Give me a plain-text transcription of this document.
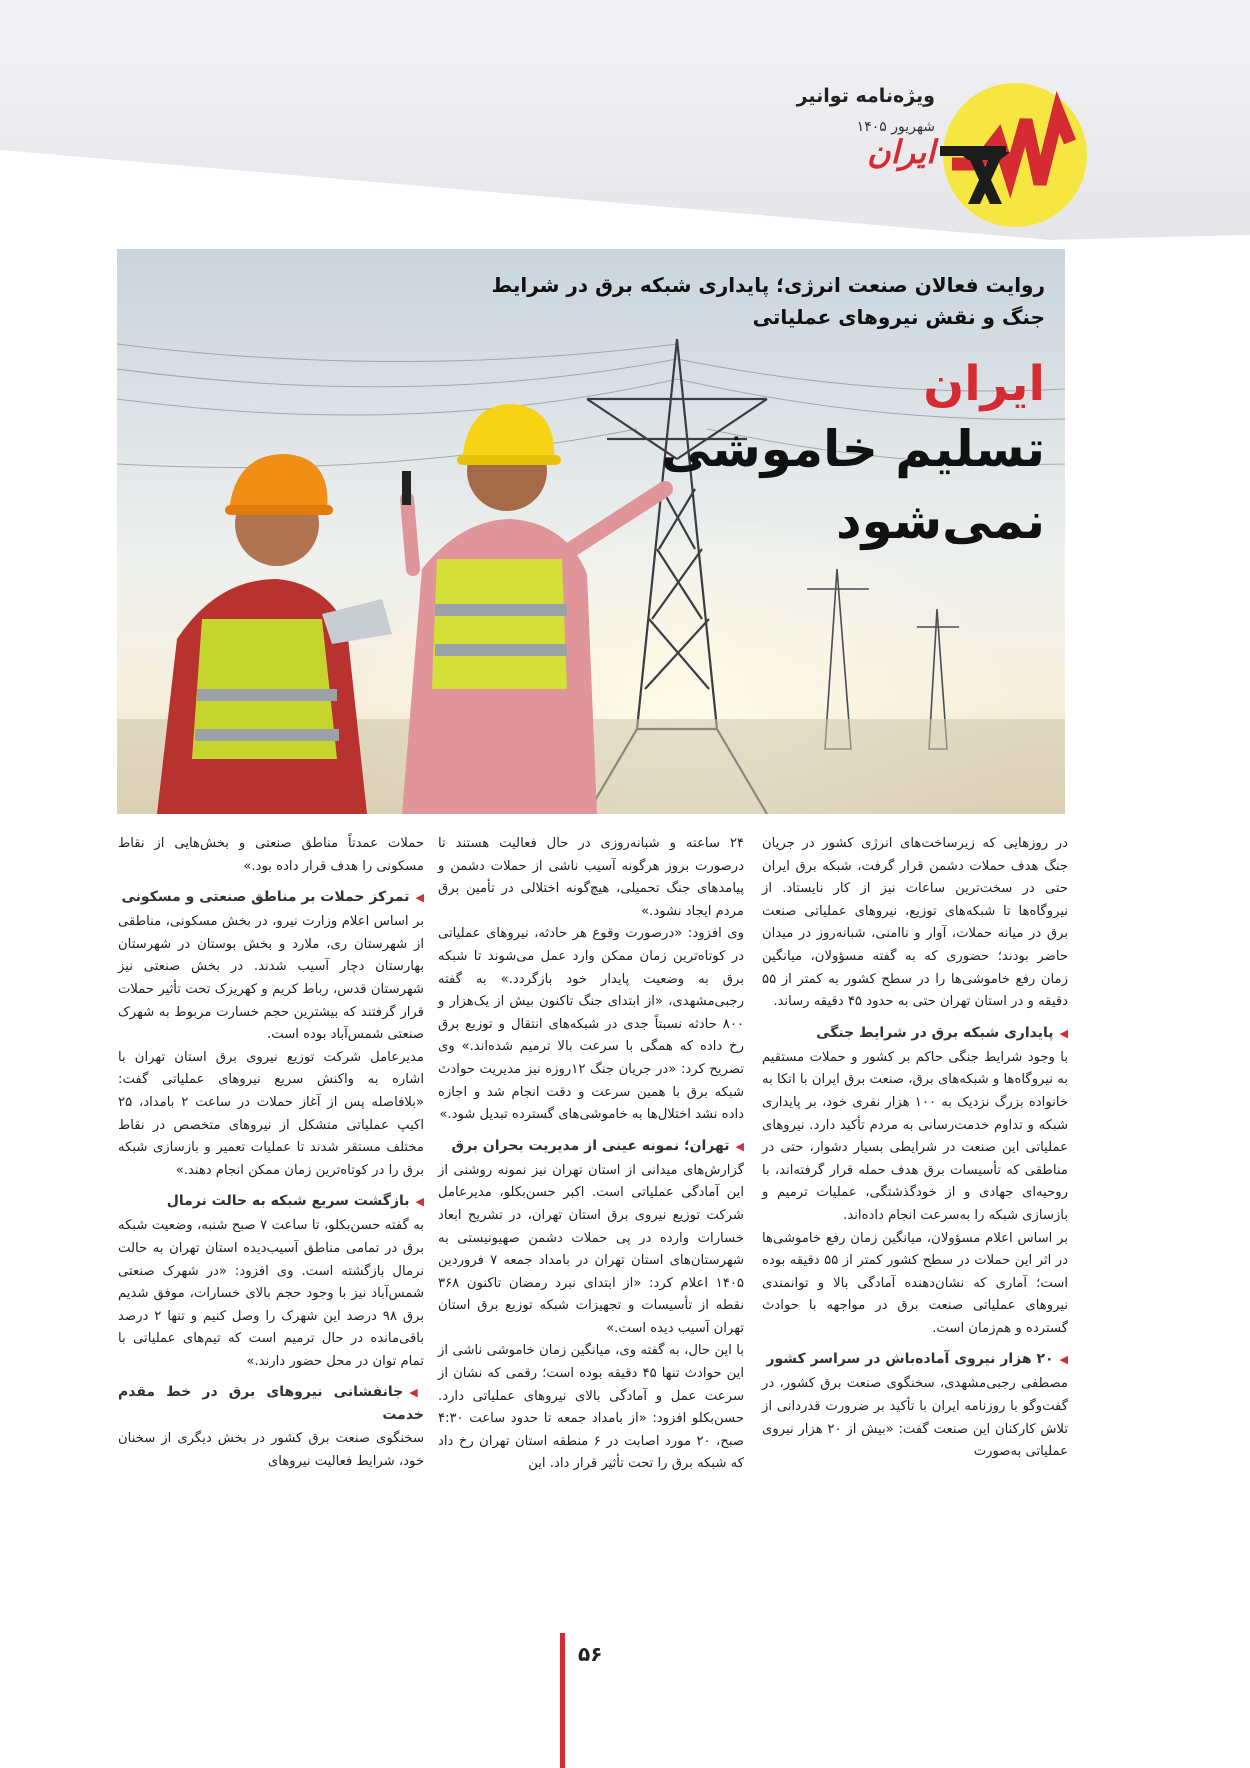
ویژه‌نامه توانیر
شهریور ۱۴۰۵
ایران
روایت فعالان صنعت انرژی؛ پایداری شبکه برق در شرایط
جنگ و نقش نیروهای عملیاتی
ایران
تسلیم خاموشی
نمی‌شود

در روزهایی که زیرساخت‌های انرژی کشور در جریان جنگ هدف حملات دشمن قرار گرفت، شبکه برق ایران حتی در سخت‌ترین ساعات نیز از کار نایستاد. از نیروگاه‌ها تا شبکه‌های توزیع، نیروهای عملیاتی صنعت برق در میانه حملات، آوار و ناامنی، شبانه‌روز در میدان حاضر بودند؛ حضوری که به گفته مسؤولان، میانگین زمان رفع خاموشی‌ها را در سطح کشور به کمتر از ۵۵ دقیقه و در استان تهران حتی به حدود ۴۵ دقیقه رساند.

◀پایداری شبکه برق در شرایط جنگی

با وجود شرایط جنگی حاکم بر کشور و حملات مستقیم به نیروگاه‌ها و شبکه‌های برق، صنعت برق ایران با اتکا به خانواده بزرگ نزدیک به ۱۰۰ هزار نفری خود، بر پایداری شبکه و تداوم خدمت‌رسانی به مردم تأکید دارد. نیروهای عملیاتی این صنعت در شرایطی بسیار دشوار، حتی در مناطقی که تأسیسات برق هدف حمله قرار گرفته‌اند، با روحیه‌ای جهادی و از خودگذشتگی، عملیات ترمیم و بازسازی شبکه را به‌سرعت انجام داده‌اند.

بر اساس اعلام مسؤولان، میانگین زمان رفع خاموشی‌ها در اثر این حملات در سطح کشور کمتر از ۵۵ دقیقه بوده است؛ آماری که نشان‌دهنده آمادگی بالا و توانمندی نیروهای عملیاتی صنعت برق در مواجهه با حوادث گسترده و هم‌زمان است.

◀۲۰ هزار نیروی آماده‌باش در سراسر کشور

مصطفی رجبی‌مشهدی، سخنگوی صنعت برق کشور، در گفت‌وگو با روزنامه ایران با تأکید بر ضرورت قدردانی از تلاش کارکنان این صنعت گفت: «بیش از ۲۰ هزار نیروی عملیاتی به‌صورت

۲۴ ساعته و شبانه‌روزی در حال فعالیت هستند تا درصورت بروز هرگونه آسیب ناشی از حملات دشمن و پیامدهای جنگ تحمیلی، هیچ‌گونه اختلالی در تأمین برق مردم ایجاد نشود.»

وی افزود: «درصورت وقوع هر حادثه، نیروهای عملیاتی در کوتاه‌ترین زمان ممکن وارد عمل می‌شوند تا شبکه برق به وضعیت پایدار خود بازگردد.» به گفته رجبی‌مشهدی، «از ابتدای جنگ تاکنون بیش از یک‌هزار و ۸۰۰ حادثه نسبتاً جدی در شبکه‌های انتقال و توزیع برق رخ داده که همگی با سرعت بالا ترمیم شده‌اند.» وی تصریح کرد: «در جریان جنگ ۱۲روزه نیز مدیریت حوادث شبکه برق با همین سرعت و دقت انجام شد و اجازه داده نشد اختلال‌ها به خاموشی‌های گسترده تبدیل شود.»

◀تهران؛ نمونه عینی از مدیریت بحران برق

گزارش‌های میدانی از استان تهران نیز نمونه روشنی از این آمادگی عملیاتی است. اکبر حسن‌بکلو، مدیرعامل شرکت توزیع نیروی برق استان تهران، در تشریح ابعاد خسارات وارده در پی حملات دشمن صهیونیستی به شهرستان‌های استان تهران در بامداد جمعه ۷ فروردین ۱۴۰۵ اعلام کرد: «از ابتدای نبرد رمضان تاکنون ۳۶۸ نقطه از تأسیسات و تجهیزات شبکه توزیع برق استان تهران آسیب دیده است.»

با این حال، به گفته وی، میانگین زمان خاموشی ناشی از این حوادث تنها ۴۵ دقیقه بوده است؛ رقمی که نشان از سرعت عمل و آمادگی بالای نیروهای عملیاتی دارد. حسن‌بکلو افزود: «از بامداد جمعه تا حدود ساعت ۴:۳۰ صبح، ۲۰ مورد اصابت در ۶ منطقه استان تهران رخ داد که شبکه برق را تحت تأثیر قرار داد. این

حملات عمدتاً مناطق صنعتی و بخش‌هایی از نقاط مسکونی را هدف قرار داده بود.»

◀تمرکز حملات بر مناطق صنعتی و مسکونی

بر اساس اعلام وزارت نیرو، در بخش مسکونی، مناطقی از شهرستان ری، ملارد و بخش بوستان در شهرستان بهارستان دچار آسیب شدند. در بخش صنعتی نیز شهرستان قدس، رباط کریم و کهریزک تحت تأثیر حملات قرار گرفتند که بیشترین حجم خسارت مربوط به شهرک صنعتی شمس‌آباد بوده است.

مدیرعامل شرکت توزیع نیروی برق استان تهران با اشاره به واکنش سریع نیروهای عملیاتی گفت: «بلافاصله پس از آغاز حملات در ساعت ۲ بامداد، ۲۵ اکیپ عملیاتی متشکل از نیروهای متخصص در نقاط مختلف مستقر شدند تا عملیات تعمیر و بازسازی شبکه برق را در کوتاه‌ترین زمان ممکن انجام دهند.»

◀بازگشت سریع شبکه به حالت نرمال

به گفته حسن‌بکلو، تا ساعت ۷ صبح شنبه، وضعیت شبکه برق در تمامی مناطق آسیب‌دیده استان تهران به حالت نرمال بازگشته است. وی افزود: «در شهرک صنعتی شمس‌آباد نیز با وجود حجم بالای خسارات، موفق شدیم برق ۹۸ درصد این شهرک را وصل کنیم و تنها ۲ درصد باقی‌مانده در حال ترمیم است که تیم‌های عملیاتی با تمام توان در محل حضور دارند.»

◀جانفشانی نیروهای برق در خط مقدم خدمت

سخنگوی صنعت برق کشور در بخش دیگری از سخنان خود، شرایط فعالیت نیروهای

۵۶
